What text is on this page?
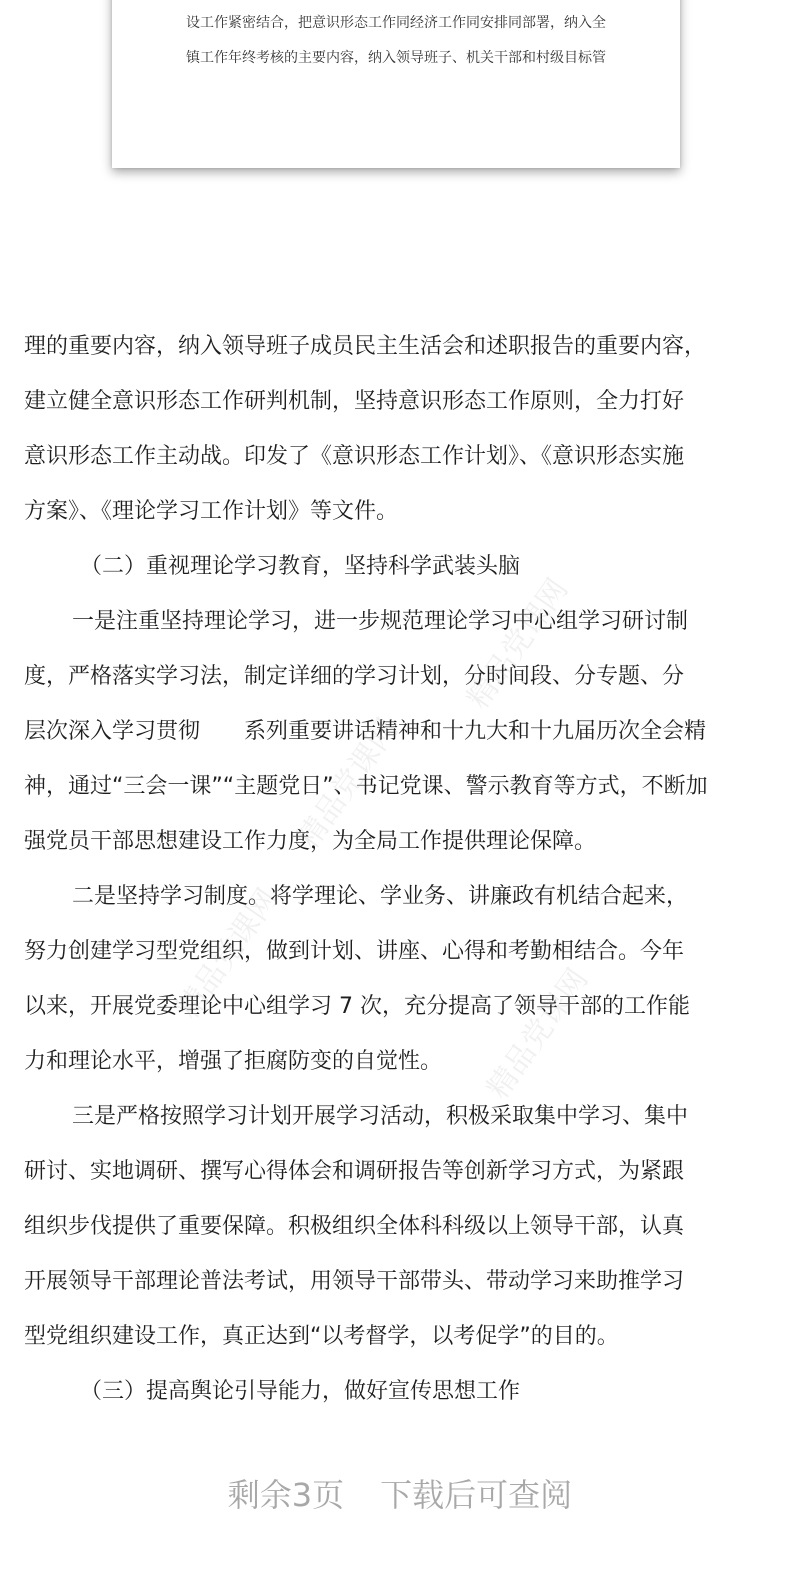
设工作紧密结合，把意识形态工作同经济工作同安排同部署，纳入全
镇工作年终考核的主要内容，纳入领导班子、机关干部和村级目标管
理的重要内容，纳入领导班子成员民主生活会和述职报告的重要内容，
建立健全意识形态工作研判机制，坚持意识形态工作原则，全力打好
意识形态工作主动战。印发了《意识形态工作计划》、《意识形态实施
方案》、《理论学习工作计划》等文件。
（二）重视理论学习教育，坚持科学武装头脑
一是注重坚持理论学习，进一步规范理论学习中心组学习研讨制
度，严格落实学习法，制定详细的学习计划，分时间段、分专题、分
层次深入学习贯彻　　系列重要讲话精神和十九大和十九届历次全会精
神，通过“三会一课”“主题党日”、书记党课、警示教育等方式，不断加
强党员干部思想建设工作力度，为全局工作提供理论保障。
二是坚持学习制度。将学理论、学业务、讲廉政有机结合起来，
努力创建学习型党组织，做到计划、讲座、心得和考勤相结合。今年
以来，开展党委理论中心组学习 7 次，充分提高了领导干部的工作能
力和理论水平，增强了拒腐防变的自觉性。
三是严格按照学习计划开展学习活动，积极采取集中学习、集中
研讨、实地调研、撰写心得体会和调研报告等创新学习方式，为紧跟
组织步伐提供了重要保障。积极组织全体科科级以上领导干部，认真
开展领导干部理论普法考试，用领导干部带头、带动学习来助推学习
型党组织建设工作，真正达到“以考督学，以考促学”的目的。
（三）提高舆论引导能力，做好宣传思想工作
精品党课网
精品党课网
精品党课网
精品党课网
剩余3页 下载后可查阅
